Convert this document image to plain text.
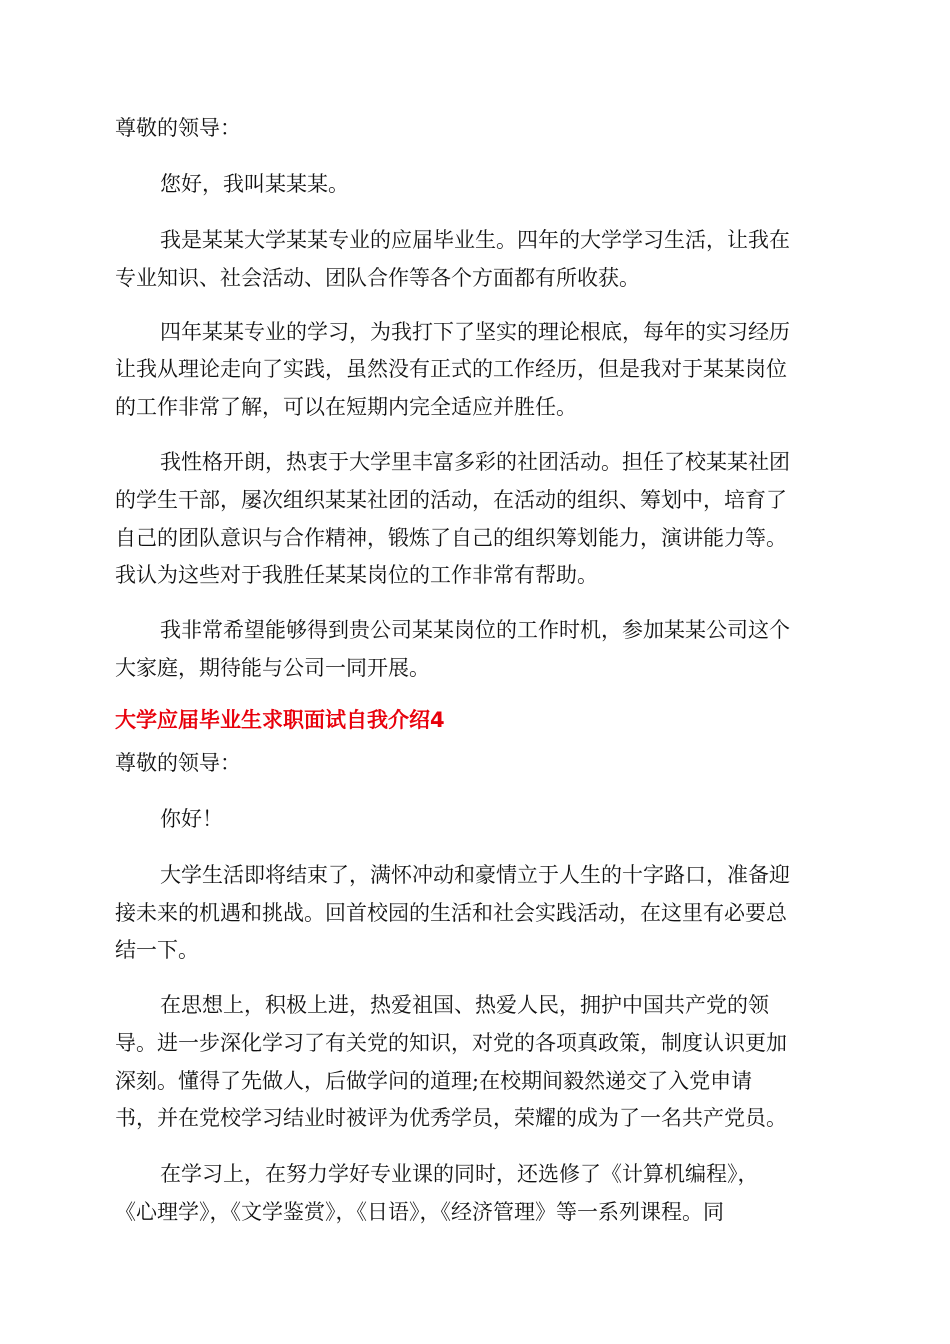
尊敬的领导：
您好，我叫某某某。
我是某某大学某某专业的应届毕业生。四年的大学学习生活，让我在
专业知识、社会活动、团队合作等各个方面都有所收获。
四年某某专业的学习，为我打下了坚实的理论根底，每年的实习经历
让我从理论走向了实践，虽然没有正式的工作经历，但是我对于某某岗位
的工作非常了解，可以在短期内完全适应并胜任。
我性格开朗，热衷于大学里丰富多彩的社团活动。担任了校某某社团
的学生干部，屡次组织某某社团的活动，在活动的组织、筹划中，培育了
自己的团队意识与合作精神，锻炼了自己的组织筹划能力，演讲能力等。
我认为这些对于我胜任某某岗位的工作非常有帮助。
我非常希望能够得到贵公司某某岗位的工作时机，参加某某公司这个
大家庭，期待能与公司一同开展。
大学应届毕业生求职面试自我介绍4
尊敬的领导：
你好！
大学生活即将结束了，满怀冲动和豪情立于人生的十字路口，准备迎
接未来的机遇和挑战。回首校园的生活和社会实践活动，在这里有必要总
结一下。
在思想上，积极上进，热爱祖国、热爱人民，拥护中国共产党的领
导。进一步深化学习了有关党的知识，对党的各项真政策，制度认识更加
深刻。懂得了先做人，后做学问的道理;在校期间毅然递交了入党申请
书，并在党校学习结业时被评为优秀学员，荣耀的成为了一名共产党员。
在学习上，在努力学好专业课的同时，还选修了《计算机编程》，
《心理学》，《文学鉴赏》，《日语》，《经济管理》等一系列课程。同
